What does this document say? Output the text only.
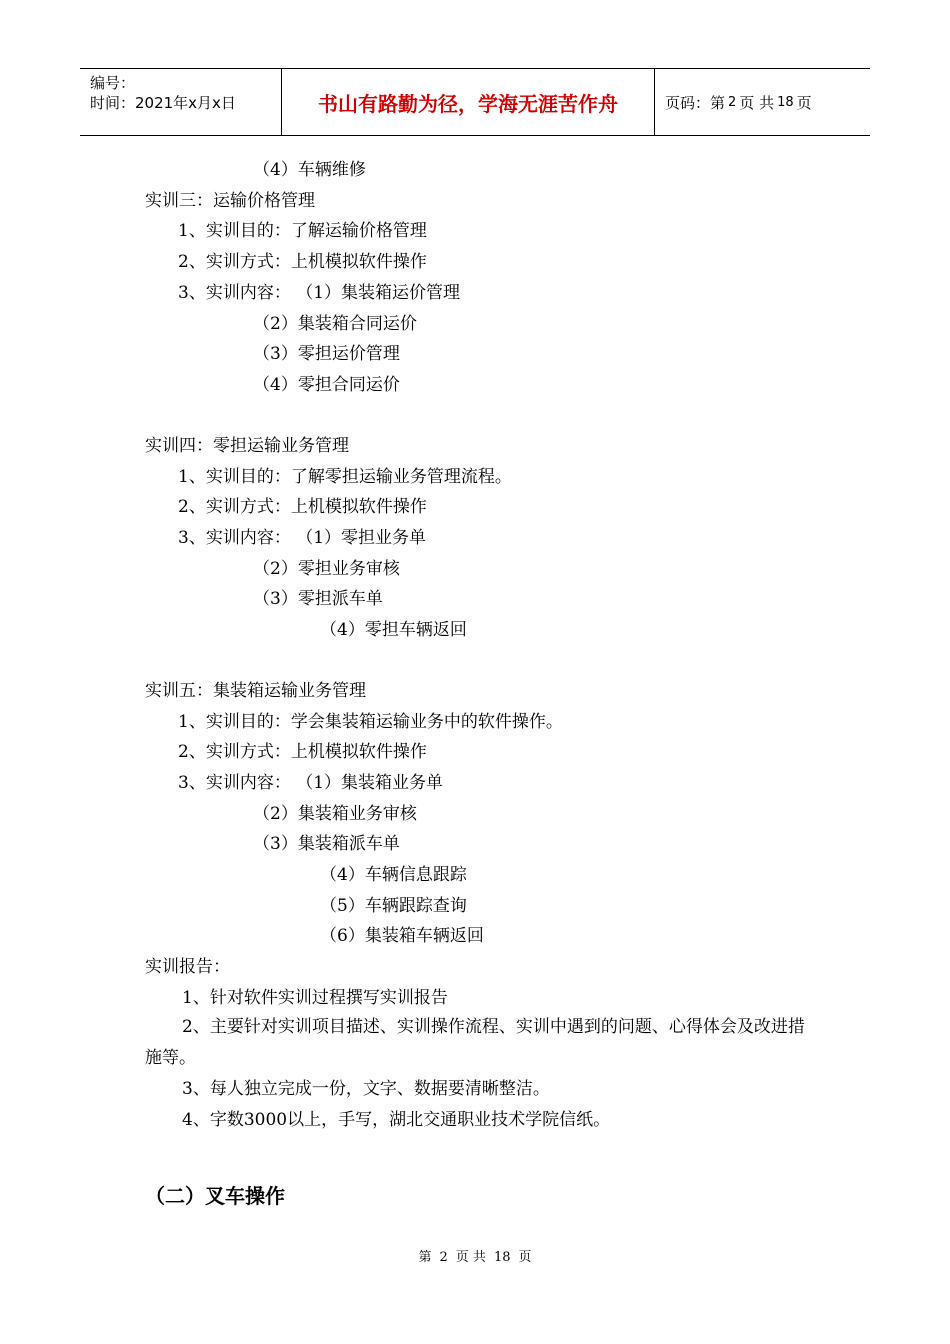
编号：
时间：2021年x月x日	书山有路勤为径，学海无涯苦作舟	页码：第 2 页 共 18 页
（4）车辆维修
实训三：运输价格管理
1、实训目的：了解运输价格管理
2、实训方式：上机模拟软件操作
3、实训内容： （1）集装箱运价管理
（2）集装箱合同运价
（3）零担运价管理
（4）零担合同运价
实训四：零担运输业务管理
1、实训目的：了解零担运输业务管理流程。
2、实训方式：上机模拟软件操作
3、实训内容： （1）零担业务单
（2）零担业务审核
（3）零担派车单
（4）零担车辆返回
实训五：集装箱运输业务管理
1、实训目的：学会集装箱运输业务中的软件操作。
2、实训方式：上机模拟软件操作
3、实训内容： （1）集装箱业务单
（2）集装箱业务审核
（3）集装箱派车单
（4）车辆信息跟踪
（5）车辆跟踪查询
（6）集装箱车辆返回
实训报告：
1、针对软件实训过程撰写实训报告
2、主要针对实训项目描述、实训操作流程、实训中遇到的问题、心得体会及改进措施等。
3、每人独立完成一份，文字、数据要清晰整洁。
4、字数3000以上，手写，湖北交通职业技术学院信纸。
（二）叉车操作
第 2 页 共 18 页
